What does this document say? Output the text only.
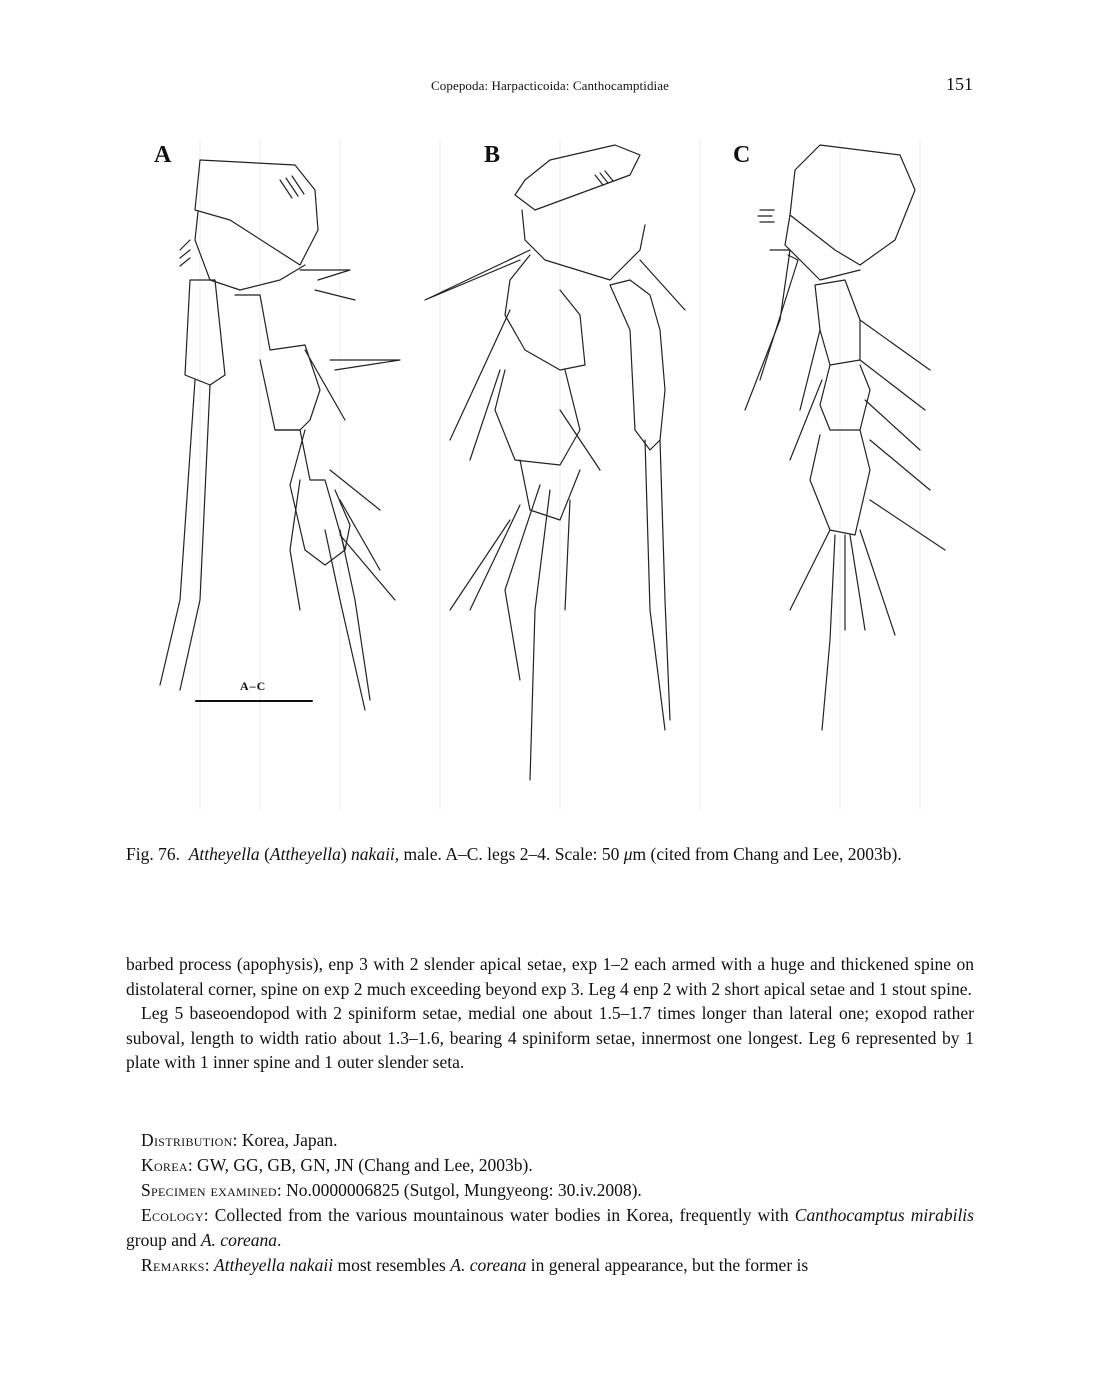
Copepoda: Harpacticoida: Canthocamptidiae	151
A	B	C
A–C
Fig. 76. Attheyella (Attheyella) nakaii, male. A–C. legs 2–4. Scale: 50 μm (cited from Chang and Lee, 2003b).

barbed process (apophysis), enp 3 with 2 slender apical setae, exp 1–2 each armed with a huge and thickened spine on distolateral corner, spine on exp 2 much exceeding beyond exp 3. Leg 4 enp 2 with 2 short apical setae and 1 stout spine.

Leg 5 baseoendopod with 2 spiniform setae, medial one about 1.5–1.7 times longer than lateral one; exopod rather suboval, length to width ratio about 1.3–1.6, bearing 4 spiniform setae, innermost one longest. Leg 6 represented by 1 plate with 1 inner spine and 1 outer slender seta.

Distribution: Korea, Japan.

Korea: GW, GG, GB, GN, JN (Chang and Lee, 2003b).

Specimen examined: No.0000006825 (Sutgol, Mungyeong: 30.iv.2008).

Ecology: Collected from the various mountainous water bodies in Korea, frequently with Canthocamptus mirabilis group and A. coreana.

Remarks: Attheyella nakaii most resembles A. coreana in general appearance, but the former is
